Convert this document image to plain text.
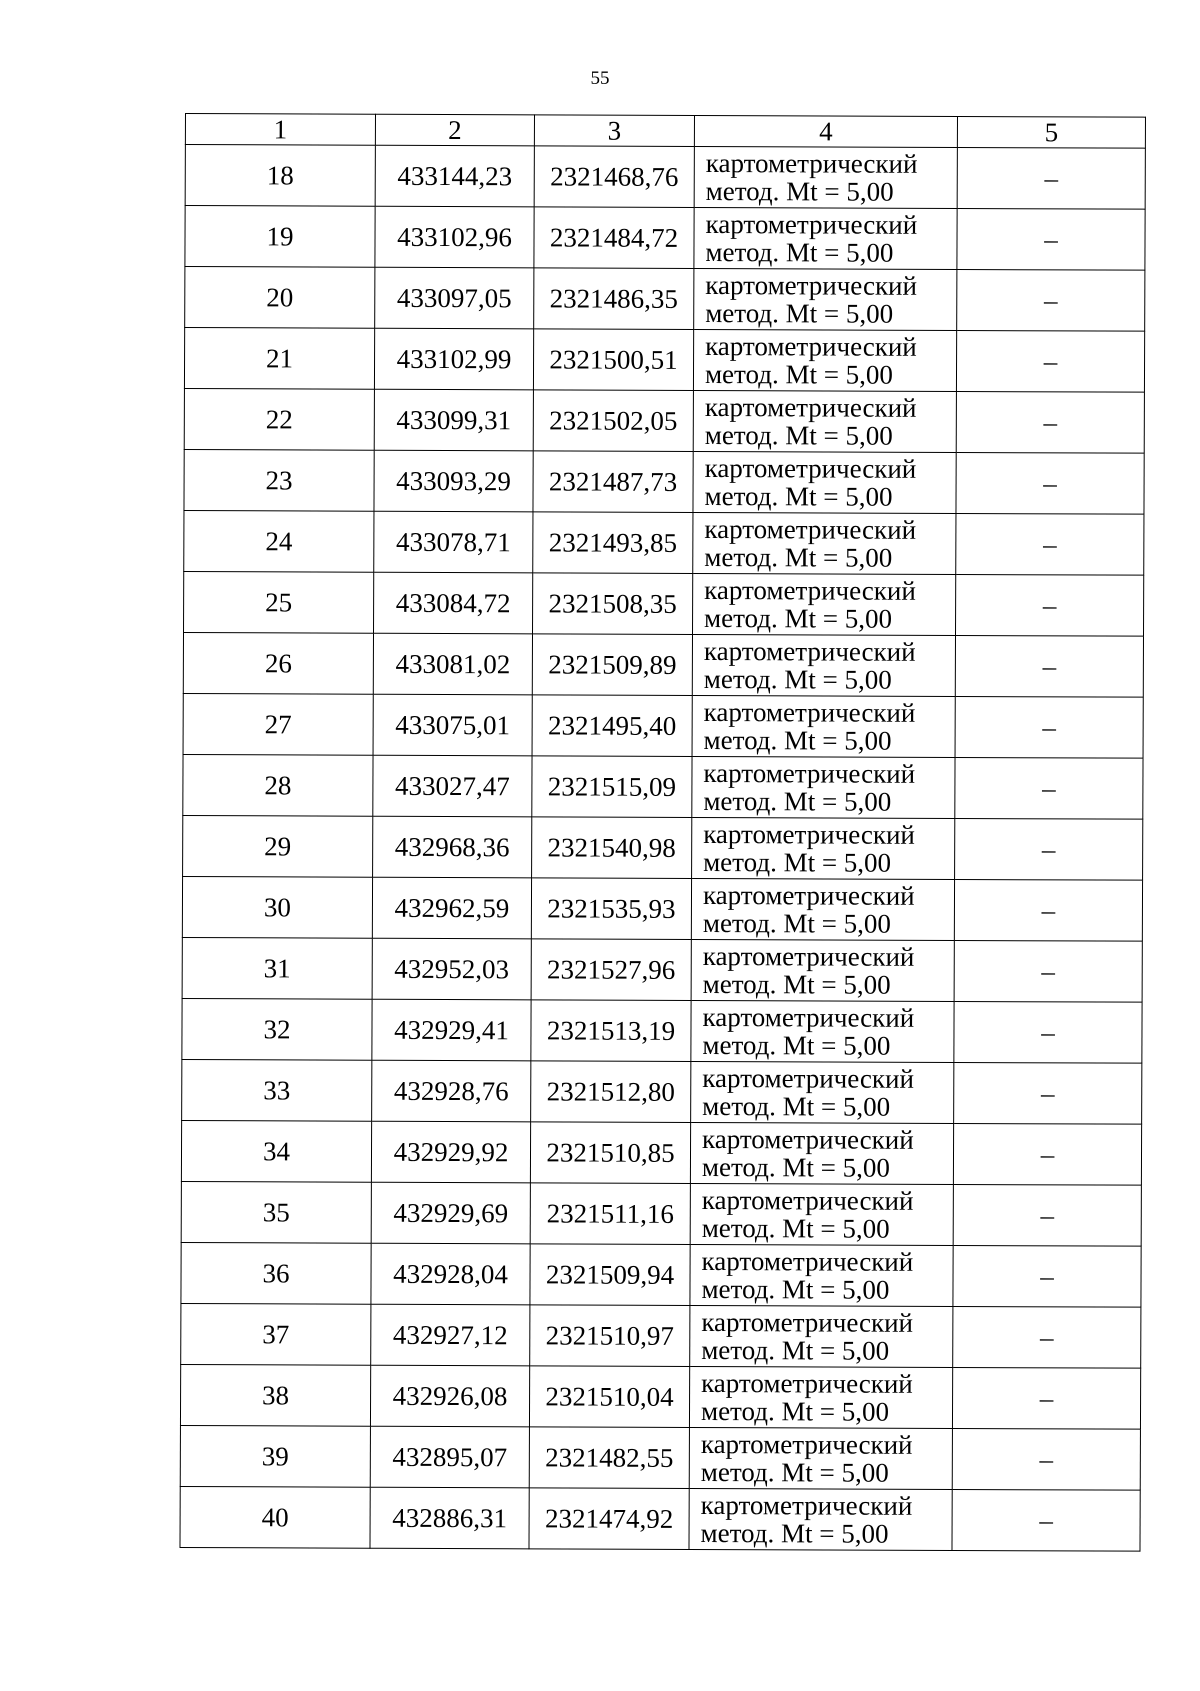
55
1	2	3	4	5
18	433144,23	2321468,76	картометрический
метод. Mt = 5,00	–
19	433102,96	2321484,72	картометрический
метод. Mt = 5,00	–
20	433097,05	2321486,35	картометрический
метод. Mt = 5,00	–
21	433102,99	2321500,51	картометрический
метод. Mt = 5,00	–
22	433099,31	2321502,05	картометрический
метод. Mt = 5,00	–
23	433093,29	2321487,73	картометрический
метод. Mt = 5,00	–
24	433078,71	2321493,85	картометрический
метод. Mt = 5,00	–
25	433084,72	2321508,35	картометрический
метод. Mt = 5,00	–
26	433081,02	2321509,89	картометрический
метод. Mt = 5,00	–
27	433075,01	2321495,40	картометрический
метод. Mt = 5,00	–
28	433027,47	2321515,09	картометрический
метод. Mt = 5,00	–
29	432968,36	2321540,98	картометрический
метод. Mt = 5,00	–
30	432962,59	2321535,93	картометрический
метод. Mt = 5,00	–
31	432952,03	2321527,96	картометрический
метод. Mt = 5,00	–
32	432929,41	2321513,19	картометрический
метод. Mt = 5,00	–
33	432928,76	2321512,80	картометрический
метод. Mt = 5,00	–
34	432929,92	2321510,85	картометрический
метод. Mt = 5,00	–
35	432929,69	2321511,16	картометрический
метод. Mt = 5,00	–
36	432928,04	2321509,94	картометрический
метод. Mt = 5,00	–
37	432927,12	2321510,97	картометрический
метод. Mt = 5,00	–
38	432926,08	2321510,04	картометрический
метод. Mt = 5,00	–
39	432895,07	2321482,55	картометрический
метод. Mt = 5,00	–
40	432886,31	2321474,92	картометрический
метод. Mt = 5,00	–
